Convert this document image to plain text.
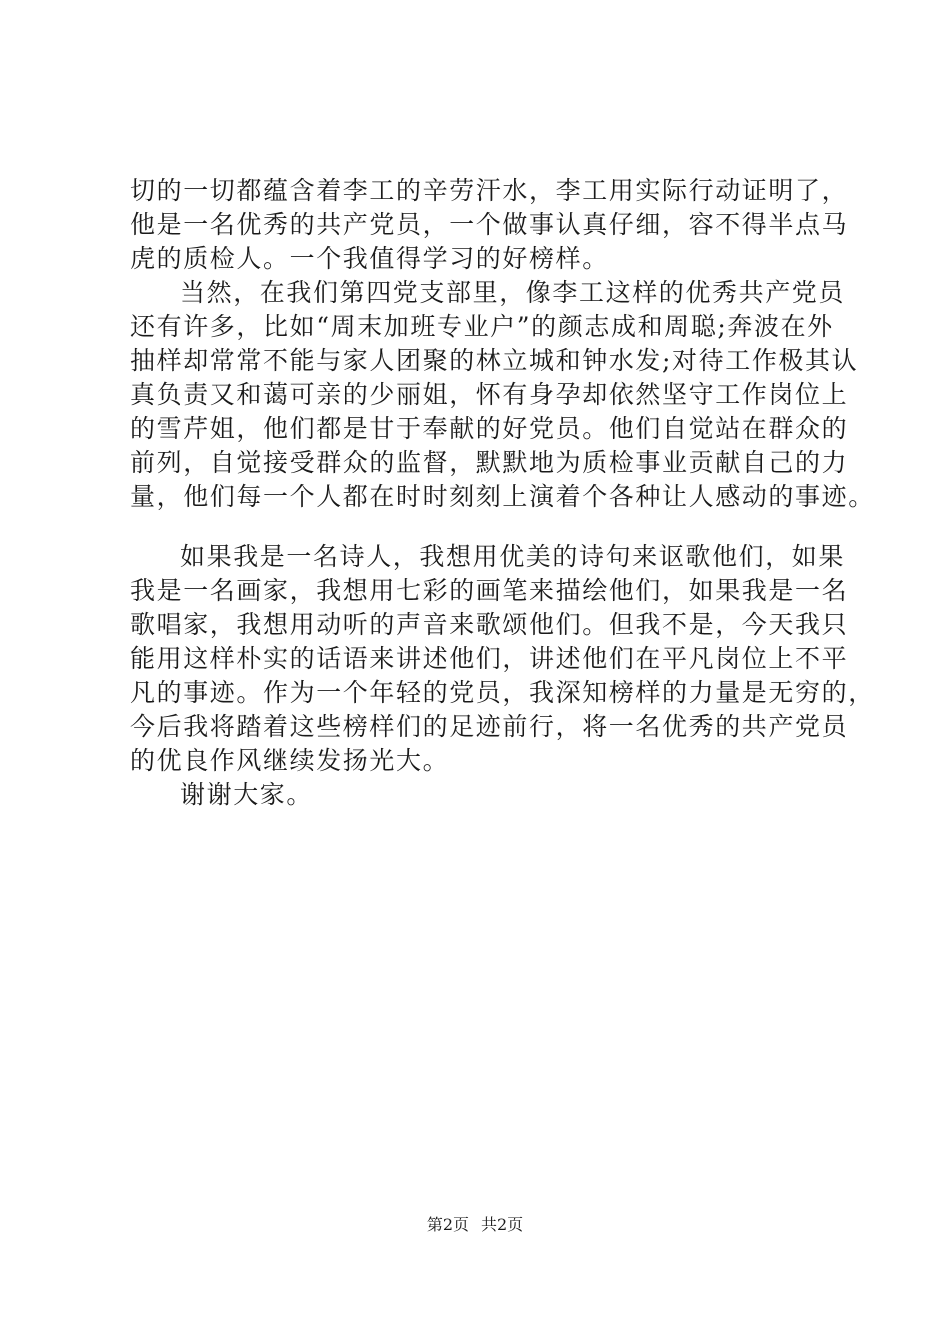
切的一切都蕴含着李工的辛劳汗水，李工用实际行动证明了，
他是一名优秀的共产党员，一个做事认真仔细，容不得半点马
虎的质检人。一个我值得学习的好榜样。
当然，在我们第四党支部里，像李工这样的优秀共产党员
还有许多，比如“周末加班专业户”的颜志成和周聪;奔波在外
抽样却常常不能与家人团聚的林立城和钟水发;对待工作极其认
真负责又和蔼可亲的少丽姐，怀有身孕却依然坚守工作岗位上
的雪芹姐，他们都是甘于奉献的好党员。他们自觉站在群众的
前列，自觉接受群众的监督，默默地为质检事业贡献自己的力
量，他们每一个人都在时时刻刻上演着个各种让人感动的事迹。
如果我是一名诗人，我想用优美的诗句来讴歌他们，如果
我是一名画家，我想用七彩的画笔来描绘他们，如果我是一名
歌唱家，我想用动听的声音来歌颂他们。但我不是，今天我只
能用这样朴实的话语来讲述他们，讲述他们在平凡岗位上不平
凡的事迹。作为一个年轻的党员，我深知榜样的力量是无穷的，
今后我将踏着这些榜样们的足迹前行，将一名优秀的共产党员
的优良作风继续发扬光大。
谢谢大家。
第2页 共2页
